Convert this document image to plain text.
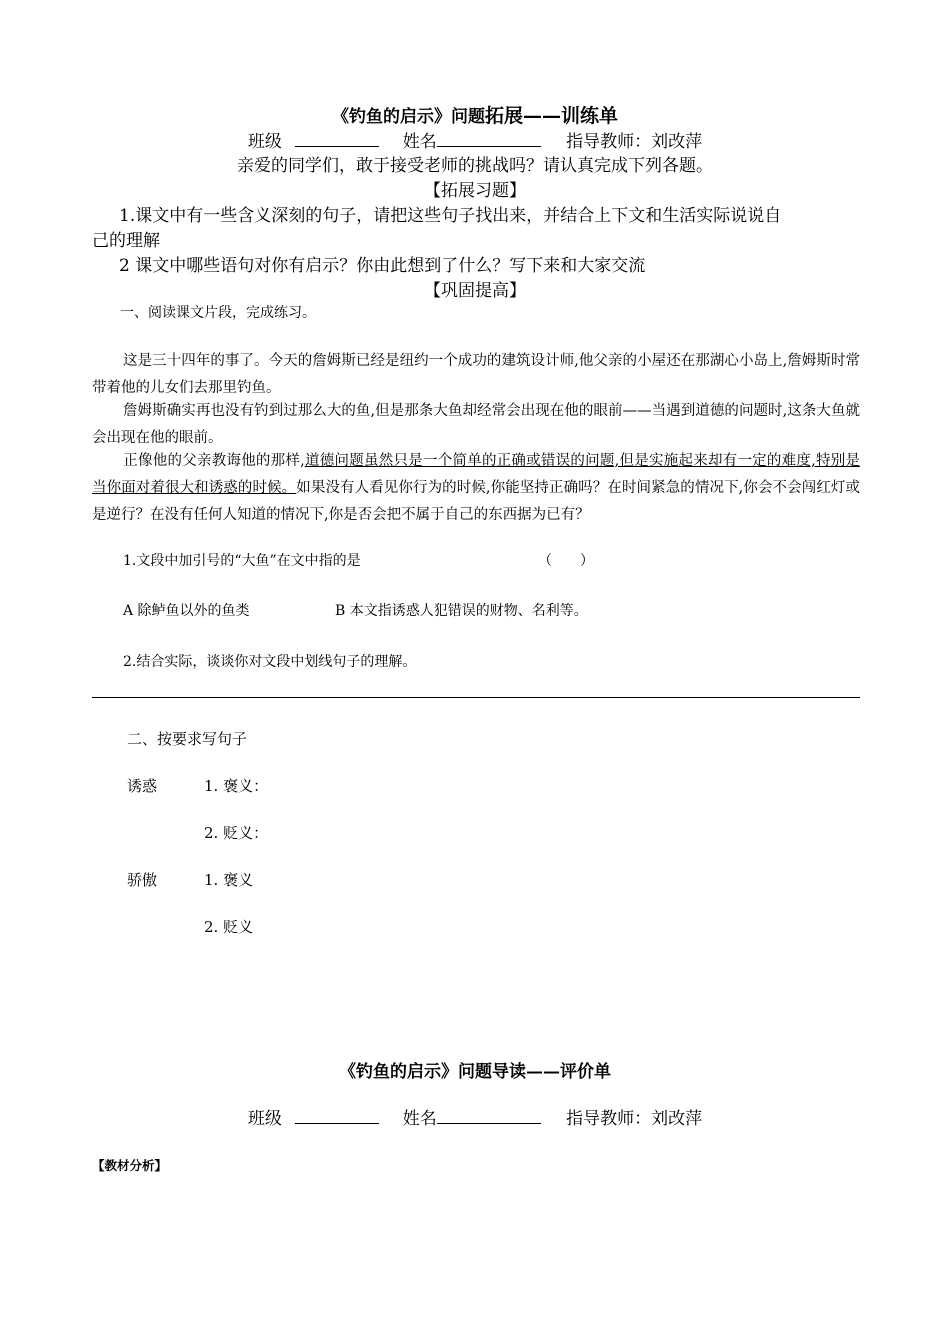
《钓鱼的启示》问题拓展——训练单
班级	姓名	指导教师：刘改萍
亲爱的同学们，敢于接受老师的挑战吗？请认真完成下列各题。
【拓展习题】
1.课文中有一些含义深刻的句子，请把这些句子找出来，并结合上下文和生活实际说说自
己的理解
2 课文中哪些语句对你有启示？你由此想到了什么？写下来和大家交流
【巩固提高】
一、阅读课文片段，完成练习。
这是三十四年的事了。今天的詹姆斯已经是纽约一个成功的建筑设计师,他父亲的小屋还在那湖心小岛上,詹姆斯时常带着他的儿女们去那里钓鱼。
詹姆斯确实再也没有钓到过那么大的鱼,但是那条大鱼却经常会出现在他的眼前——当遇到道德的问题时,这条大鱼就会出现在他的眼前。
正像他的父亲教诲他的那样,道德问题虽然只是一个简单的正确或错误的问题,但是实施起来却有一定的难度,特别是当你面对着很大和诱惑的时候。如果没有人看见你行为的时候,你能坚持正确吗？在时间紧急的情况下,你会不会闯红灯或是逆行？在没有任何人知道的情况下,你是否会把不属于自己的东西据为已有？
1.文段中加引号的“大鱼”在文中指的是	（　　）
A 除鲈鱼以外的鱼类	B 本文指诱惑人犯错误的财物、名利等。
2.结合实际，谈谈你对文段中划线句子的理解。
二、按要求写句子
诱惑	1. 褒义：
2. 贬义：
骄傲	1. 褒义
2. 贬义
《钓鱼的启示》问题导读——评价单
班级	姓名	指导教师：刘改萍
【教材分析】
